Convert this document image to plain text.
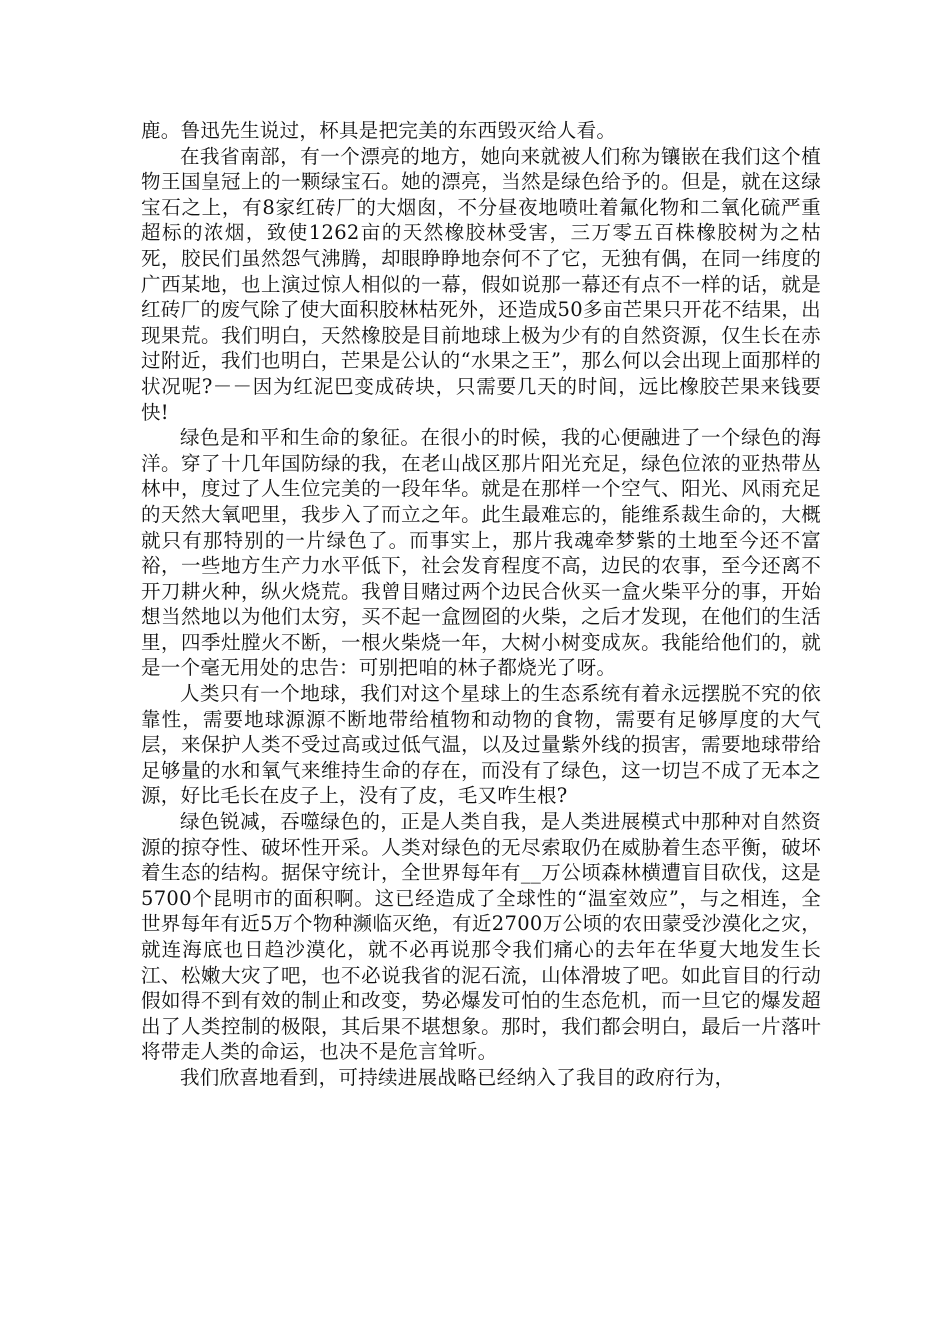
鹿。鲁迅先生说过，杯具是把完美的东西毁灭给人看。

在我省南部，有一个漂亮的地方，她向来就被人们称为镶嵌在我们这个植物王国皇冠上的一颗绿宝石。她的漂亮，当然是绿色给予的。但是，就在这绿宝石之上，有8家红砖厂的大烟囱，不分昼夜地喷吐着氟化物和二氧化硫严重超标的浓烟，致使1262亩的天然橡胶林受害，三万零五百株橡胶树为之枯死，胶民们虽然怨气沸腾，却眼睁睁地奈何不了它，无独有偶，在同一纬度的广西某地，也上演过惊人相似的一幕，假如说那一幕还有点不一样的话，就是红砖厂的废气除了使大面积胶林枯死外，还造成50多亩芒果只开花不结果，出现果荒。我们明白，天然橡胶是目前地球上极为少有的自然资源，仅生长在赤过附近，我们也明白，芒果是公认的“水果之王”，那么何以会出现上面那样的状况呢?－－因为红泥巴变成砖块，只需要几天的时间，远比橡胶芒果来钱要快!

绿色是和平和生命的象征。在很小的时候，我的心便融进了一个绿色的海洋。穿了十几年国防绿的我，在老山战区那片阳光充足，绿色位浓的亚热带丛林中，度过了人生位完美的一段年华。就是在那样一个空气、阳光、风雨充足的天然大氧吧里，我步入了而立之年。此生最难忘的，能维系裁生命的，大概就只有那特别的一片绿色了。而事实上，那片我魂牵梦紫的土地至今还不富裕，一些地方生产力水平低下，社会发育程度不高，边民的农事，至今还离不开刀耕火种，纵火烧荒。我曾目赌过两个边民合伙买一盒火柴平分的事，开始想当然地以为他们太穷，买不起一盒囫囵的火柴，之后才发现，在他们的生活里，四季灶膛火不断，一根火柴烧一年，大树小树变成灰。我能给他们的，就是一个毫无用处的忠告：可别把咱的林子都烧光了呀。

人类只有一个地球，我们对这个星球上的生态系统有着永远摆脱不究的依靠性，需要地球源源不断地带给植物和动物的食物，需要有足够厚度的大气层，来保护人类不受过高或过低气温，以及过量紫外线的损害，需要地球带给足够量的水和氧气来维持生命的存在，而没有了绿色，这一切岂不成了无本之源，好比毛长在皮子上，没有了皮，毛又咋生根?

绿色锐减，吞噬绿色的，正是人类自我，是人类进展模式中那种对自然资源的掠夺性、破坏性开采。人类对绿色的无尽索取仍在威胁着生态平衡，破坏着生态的结构。据保守统计，全世界每年有__万公顷森林横遭盲目砍伐，这是5700个昆明市的面积啊。这已经造成了全球性的“温室效应”，与之相连，全世界每年有近5万个物种濒临灭绝，有近2700万公顷的农田蒙受沙漠化之灾，就连海底也日趋沙漠化，就不必再说那令我们痛心的去年在华夏大地发生长江、松嫩大灾了吧，也不必说我省的泥石流，山体滑坡了吧。如此盲目的行动假如得不到有效的制止和改变，势必爆发可怕的生态危机，而一旦它的爆发超出了人类控制的极限，其后果不堪想象。那时，我们都会明白，最后一片落叶将带走人类的命运，也决不是危言耸听。

我们欣喜地看到，可持续进展战略已经纳入了我目的政府行为，
